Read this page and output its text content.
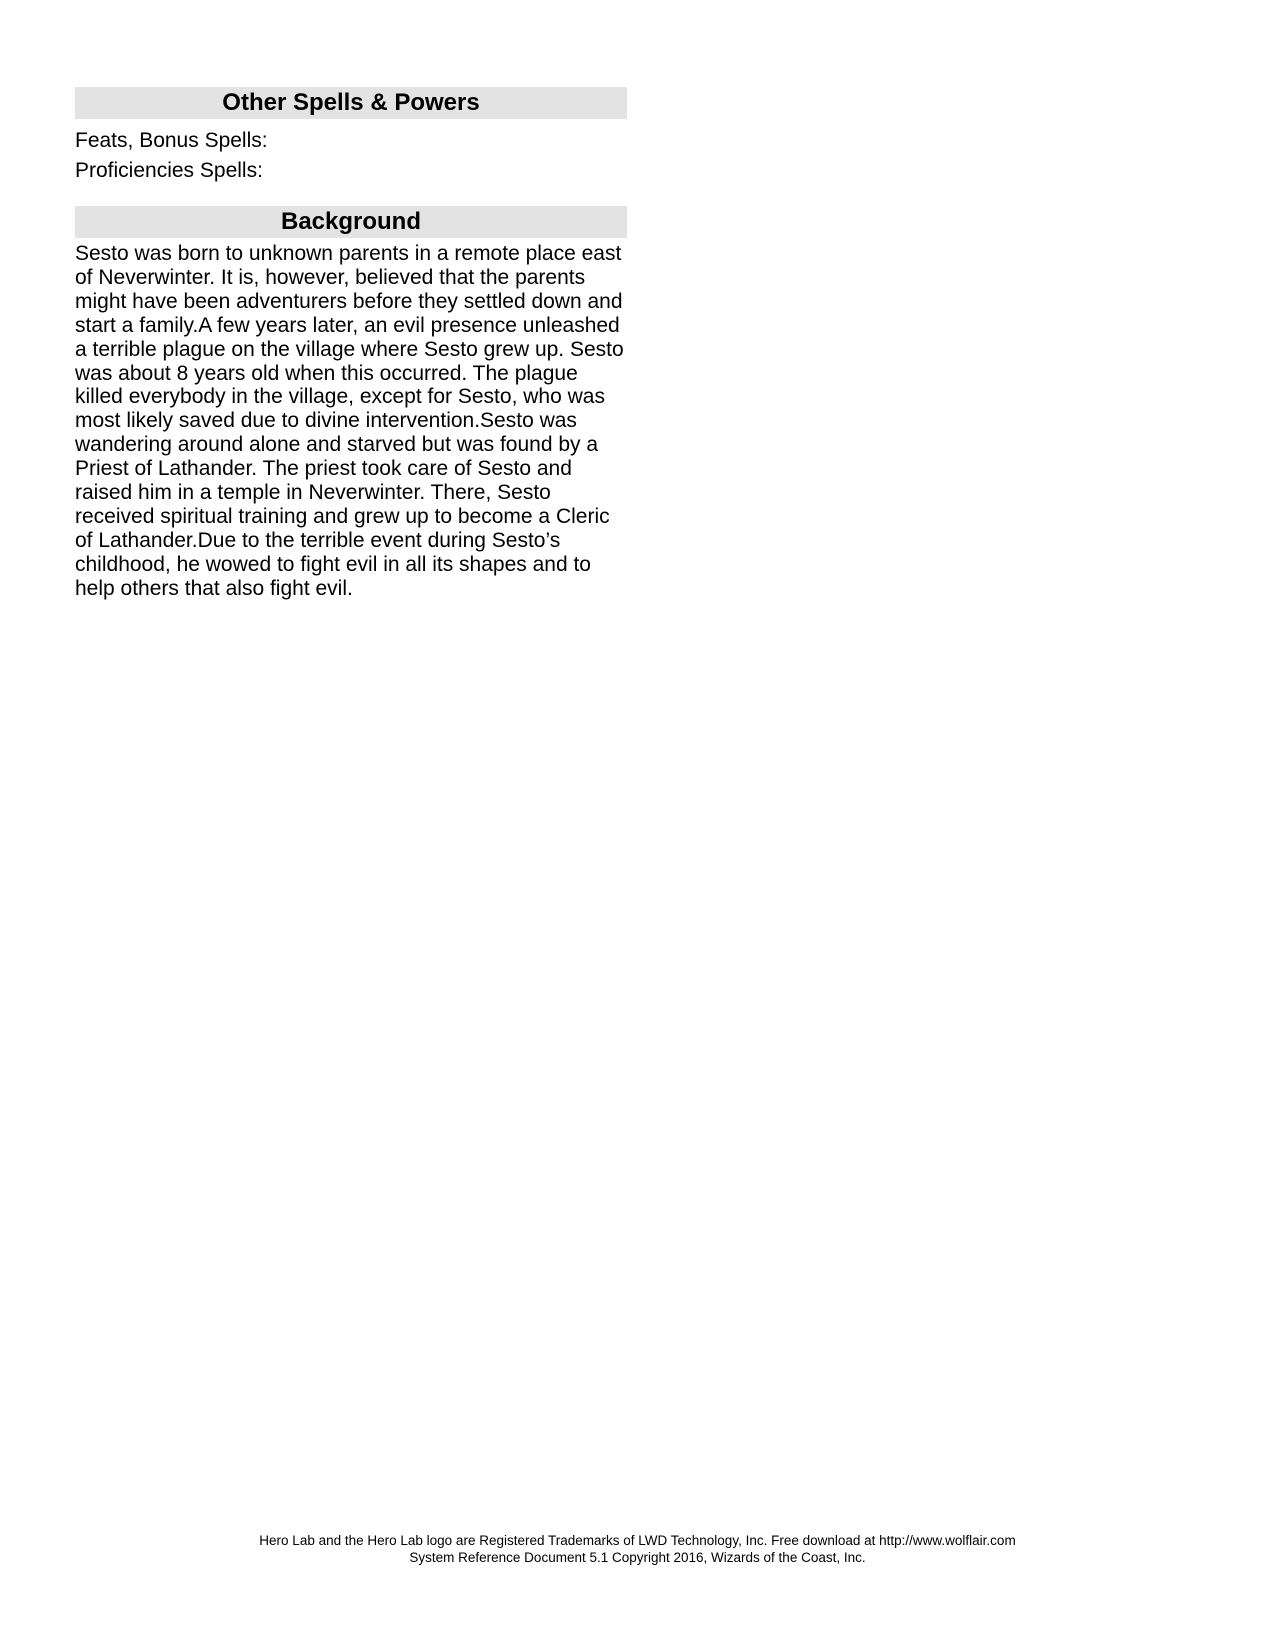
Other Spells & Powers

Feats, Bonus Spells:

Proficiencies Spells:

Background

Sesto was born to unknown parents in a remote place east
of Neverwinter. It is, however, believed that the parents
might have been adventurers before they settled down and
start a family.A few years later, an evil presence unleashed
a terrible plague on the village where Sesto grew up. Sesto
was about 8 years old when this occurred. The plague
killed everybody in the village, except for Sesto, who was
most likely saved due to divine intervention.Sesto was
wandering around alone and starved but was found by a
Priest of Lathander. The priest took care of Sesto and
raised him in a temple in Neverwinter. There, Sesto
received spiritual training and grew up to become a Cleric
of Lathander.Due to the terrible event during Sesto’s
childhood, he wowed to fight evil in all its shapes and to
help others that also fight evil.

Hero Lab and the Hero Lab logo are Registered Trademarks of LWD Technology, Inc. Free download at http://www.wolflair.com
System Reference Document 5.1 Copyright 2016, Wizards of the Coast, Inc.
